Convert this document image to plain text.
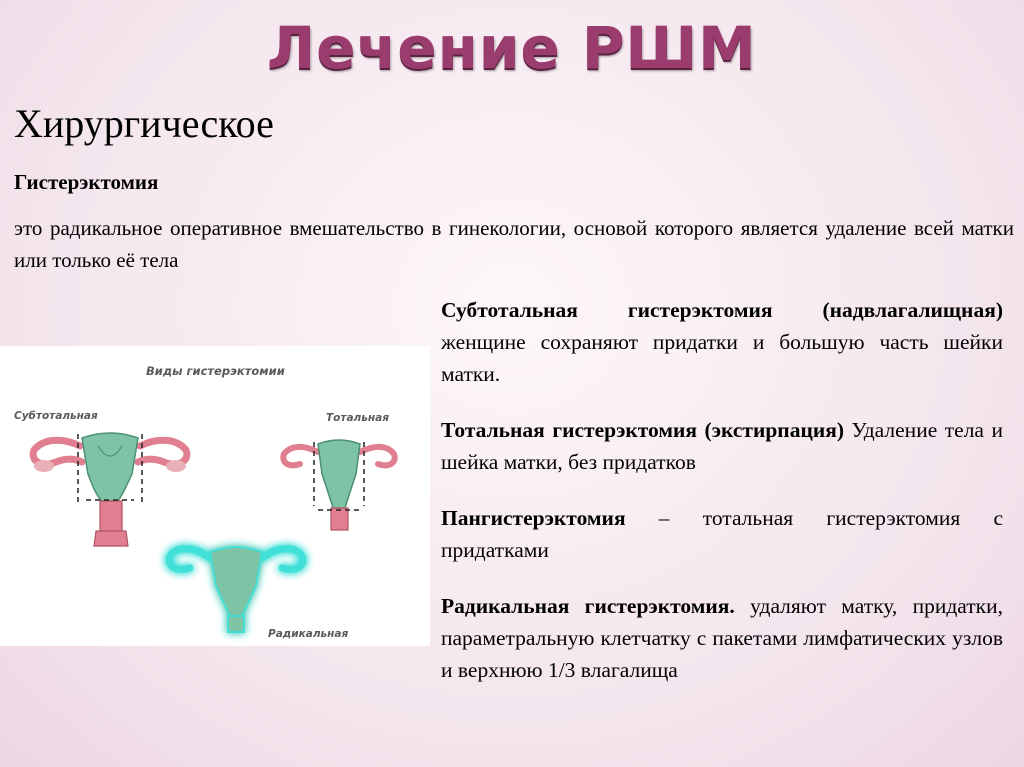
Лечение РШМ
Хирургическое
Гистерэктомия
это радикальное оперативное вмешательство в гинекологии, основой которого является удаление всей матки или только её тела
Виды гистерэктомии
Субтотальная	Тотальная
Радикальная

Субтотальная гистерэктомия (надвлагалищная) женщине сохраняют придатки и большую часть шейки матки.

Тотальная гистерэктомия (экстирпация) Удаление тела и шейка матки, без придатков

Пангистерэктомия – тотальная гистерэктомия с придатками

Радикальная гистерэктомия. удаляют матку, придатки, параметральную клетчатку с пакетами лимфатических узлов и верхнюю 1/3 влагалища
